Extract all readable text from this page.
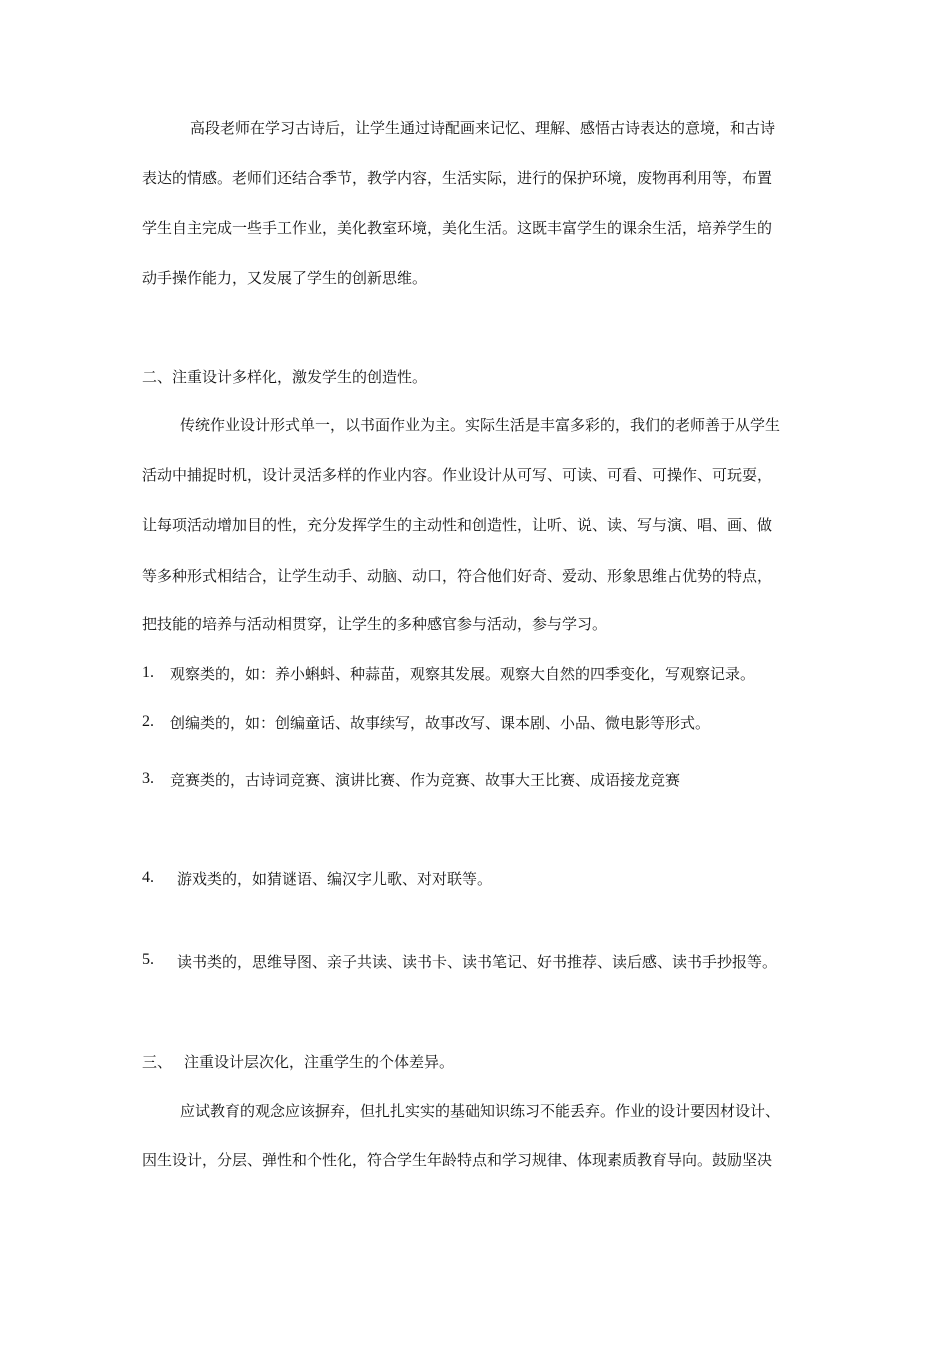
高段老师在学习古诗后，让学生通过诗配画来记忆、理解、感悟古诗表达的意境，和古诗

表达的情感。老师们还结合季节，教学内容，生活实际，进行的保护环境，废物再利用等，布置

学生自主完成一些手工作业，美化教室环境，美化生活。这既丰富学生的课余生活，培养学生的

动手操作能力，又发展了学生的创新思维。

二、注重设计多样化，激发学生的创造性。

传统作业设计形式单一，以书面作业为主。实际生活是丰富多彩的，我们的老师善于从学生

活动中捕捉时机，设计灵活多样的作业内容。作业设计从可写、可读、可看、可操作、可玩耍，

让每项活动增加目的性，充分发挥学生的主动性和创造性，让听、说、读、写与演、唱、画、做

等多种形式相结合，让学生动手、动脑、动口，符合他们好奇、爱动、形象思维占优势的特点，

把技能的培养与活动相贯穿，让学生的多种感官参与活动，参与学习。

1. 观察类的，如：养小蝌蚪、种蒜苗，观察其发展。观察大自然的四季变化，写观察记录。
2. 创编类的，如：创编童话、故事续写，故事改写、课本剧、小品、微电影等形式。
3. 竞赛类的，古诗词竞赛、演讲比赛、作为竞赛、故事大王比赛、成语接龙竞赛
4. 游戏类的，如猜谜语、编汉字儿歌、对对联等。
5. 读书类的，思维导图、亲子共读、读书卡、读书笔记、好书推荐、读后感、读书手抄报等。
三、 注重设计层次化，注重学生的个体差异。

应试教育的观念应该摒弃，但扎扎实实的基础知识练习不能丢弃。作业的设计要因材设计、

因生设计，分层、弹性和个性化，符合学生年龄特点和学习规律、体现素质教育导向。鼓励坚决
